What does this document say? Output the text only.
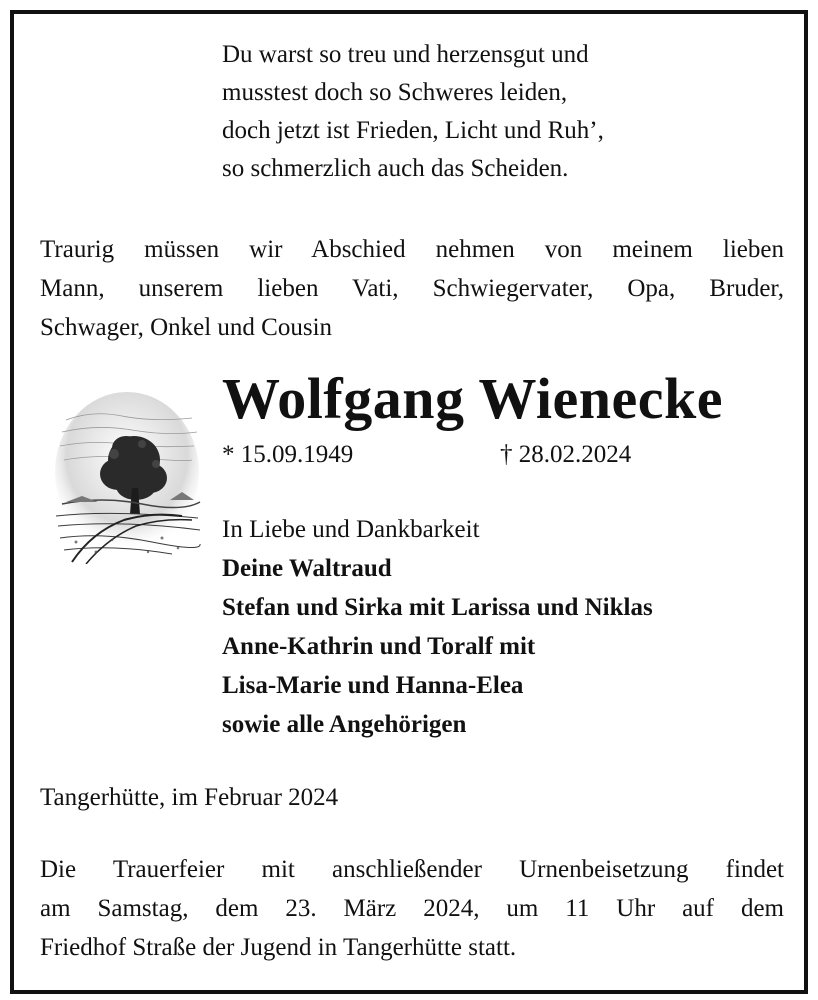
Du warst so treu und herzensgut und
musstest doch so Schweres leiden,
doch jetzt ist Frieden, Licht und Ruh’,
so schmerzlich auch das Scheiden.
Traurig müssen wir Abschied nehmen von meinem lieben
Mann, unserem lieben Vati, Schwiegervater, Opa, Bruder,
Schwager, Onkel und Cousin
Wolfgang Wienecke
* 15.09.1949	† 28.02.2024
In Liebe und Dankbarkeit
Deine Waltraud
Stefan und Sirka mit Larissa und Niklas
Anne-Kathrin und Toralf mit
Lisa-Marie und Hanna-Elea
sowie alle Angehörigen
Tangerhütte, im Februar 2024
Die Trauerfeier mit anschließender Urnenbeisetzung findet
am Samstag, dem 23. März 2024, um 11 Uhr auf dem
Friedhof Straße der Jugend in Tangerhütte statt.
